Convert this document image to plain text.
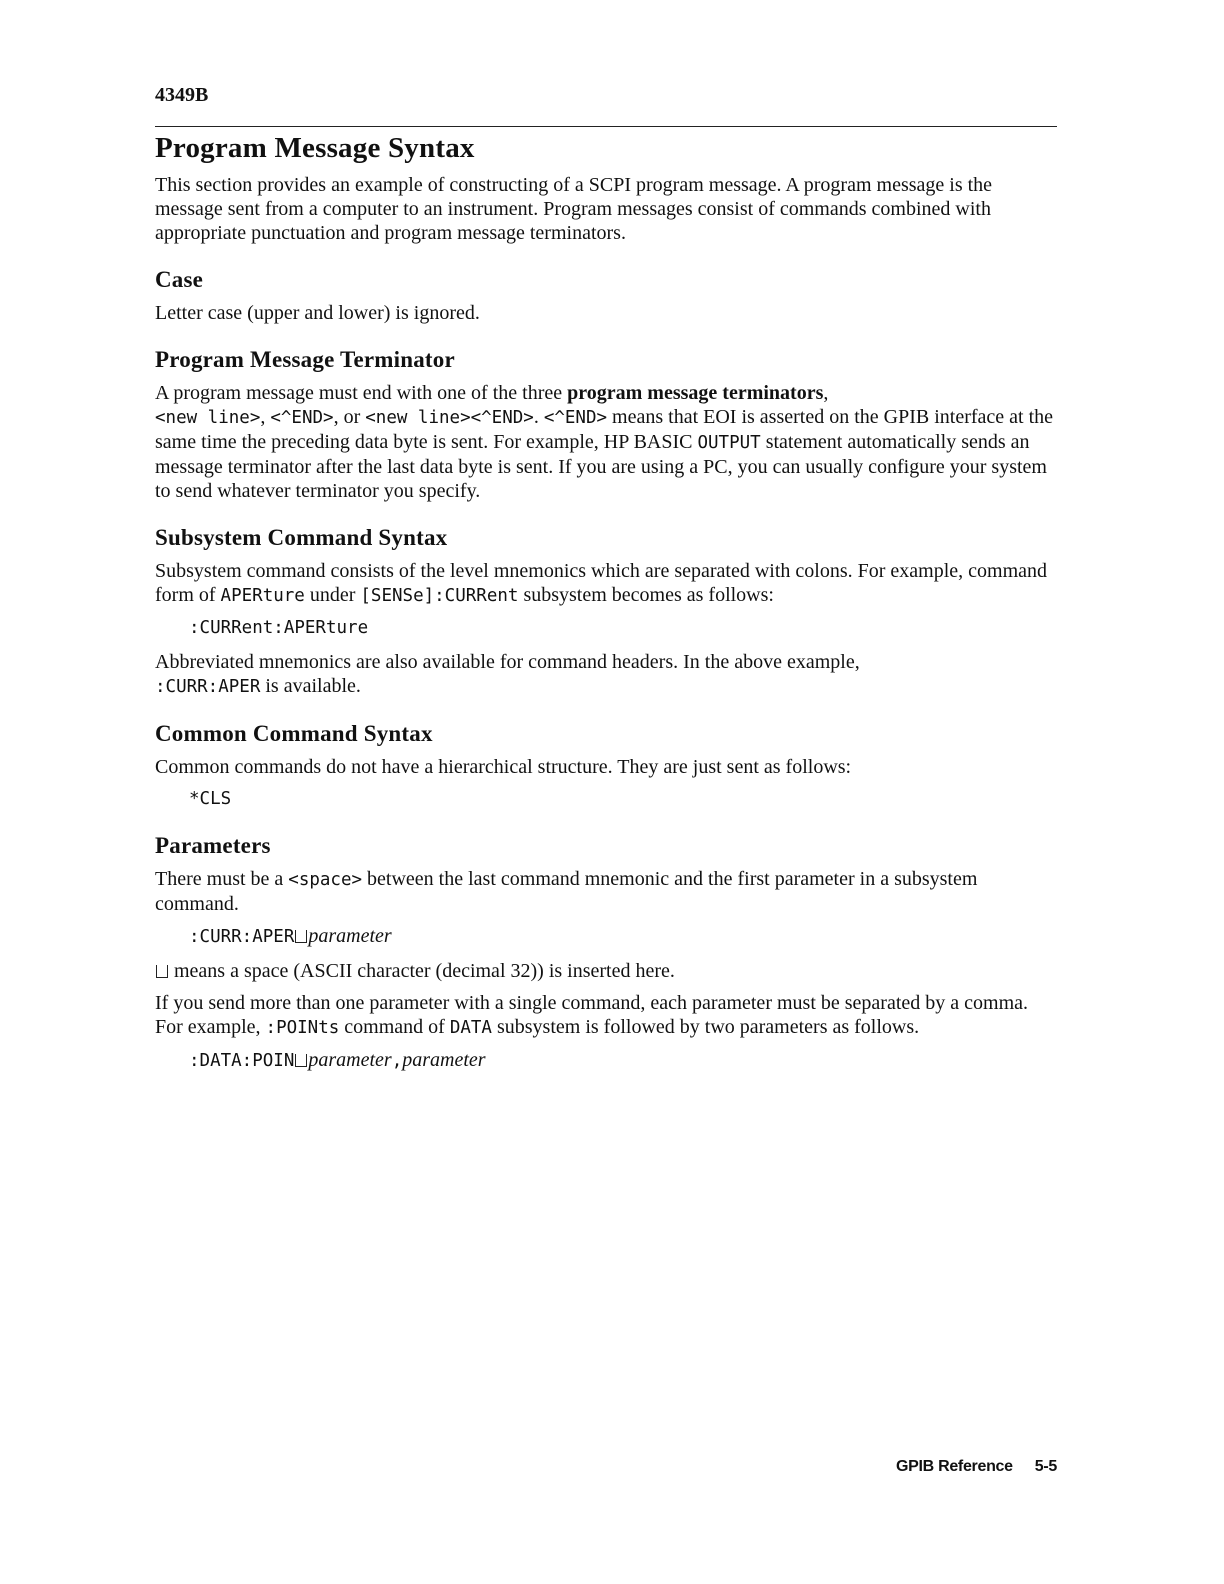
4349B
Program Message Syntax

This section provides an example of constructing of a SCPI program message. A program message is the message sent from a computer to an instrument. Program messages consist of commands combined with appropriate punctuation and program message terminators.

Case

Letter case (upper and lower) is ignored.

Program Message Terminator

A program message must end with one of the three program message terminators,
<new line>, <^END>, or <new line><^END>. <^END> means that EOI is asserted on the GPIB interface at the same time the preceding data byte is sent. For example, HP BASIC OUTPUT statement automatically sends an message terminator after the last data byte is sent. If you are using a PC, you can usually configure your system to send whatever terminator you specify.

Subsystem Command Syntax

Subsystem command consists of the level mnemonics which are separated with colons. For example, command form of APERture under [SENSe]:CURRent subsystem becomes as follows:

:CURRent:APERture

Abbreviated mnemonics are also available for command headers. In the above example,
:CURR:APER is available.

Common Command Syntax

Common commands do not have a hierarchical structure. They are just sent as follows:

*CLS
Parameters

There must be a <space> between the last command mnemonic and the first parameter in a subsystem command.

:CURR:APER parameter

means a space (ASCII character (decimal 32)) is inserted here.

If you send more than one parameter with a single command, each parameter must be separated by a comma. For example, :POINts command of DATA subsystem is followed by two parameters as follows.

:DATA:POIN parameter,parameter
GPIB Reference 5-5
